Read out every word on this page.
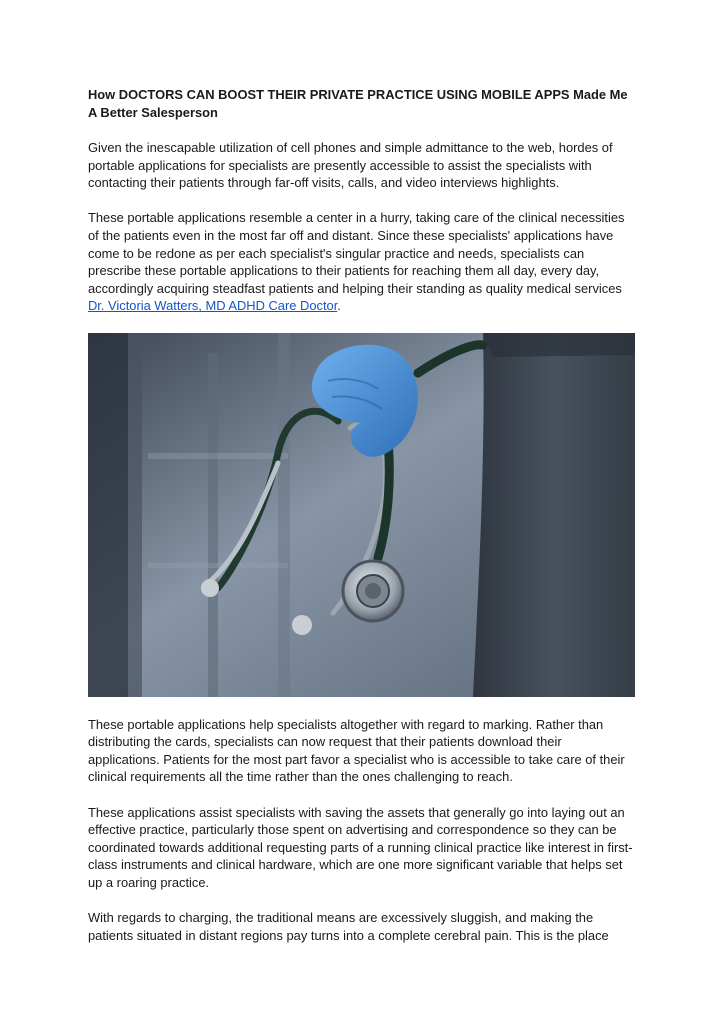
How DOCTORS CAN BOOST THEIR PRIVATE PRACTICE USING MOBILE APPS Made Me A Better Salesperson

Given the inescapable utilization of cell phones and simple admittance to the web, hordes of portable applications for specialists are presently accessible to assist the specialists with contacting their patients through far-off visits, calls, and video interviews highlights.

These portable applications resemble a center in a hurry, taking care of the clinical necessities of the patients even in the most far off and distant. Since these specialists' applications have come to be redone as per each specialist's singular practice and needs, specialists can prescribe these portable applications to their patients for reaching them all day, every day, accordingly acquiring steadfast patients and helping their standing as quality medical services Dr. Victoria Watters, MD ADHD Care Doctor.

These portable applications help specialists altogether with regard to marking. Rather than distributing the cards, specialists can now request that their patients download their applications. Patients for the most part favor a specialist who is accessible to take care of their clinical requirements all the time rather than the ones challenging to reach.

These applications assist specialists with saving the assets that generally go into laying out an effective practice, particularly those spent on advertising and correspondence so they can be coordinated towards additional requesting parts of a running clinical practice like interest in first-class instruments and clinical hardware, which are one more significant variable that helps set up a roaring practice.

With regards to charging, the traditional means are excessively sluggish, and making the patients situated in distant regions pay turns into a complete cerebral pain. This is the place
